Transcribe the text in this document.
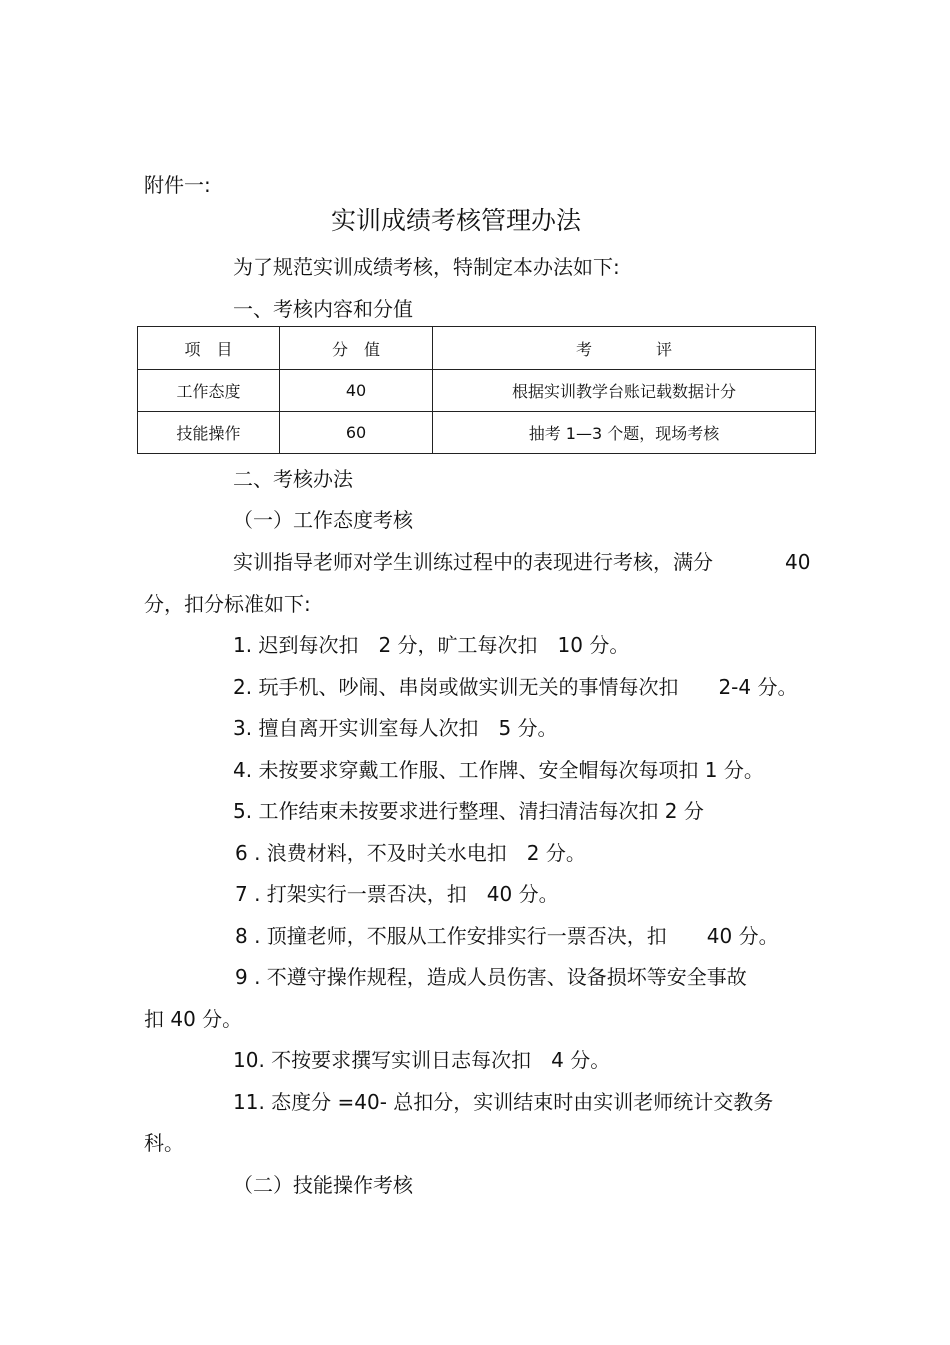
附件一:
实训成绩考核管理办法
为了规范实训成绩考核，特制定本办法如下:
一、考核内容和分值
项　目	分　值	考　　　　评
工作态度	40	根据实训教学台账记载数据计分
技能操作	60	抽考 1—3 个题，现场考核
二、考核办法
（一）工作态度考核
实训指导老师对学生训练过程中的表现进行考核，满分	40
分，扣分标准如下:
1. 迟到每次扣　2 分，旷工每次扣　10 分。
2. 玩手机、吵闹、串岗或做实训无关的事情每次扣　　2-4 分。
3. 擅自离开实训室每人次扣　5 分。
4. 未按要求穿戴工作服、工作牌、安全帽每次每项扣 1 分。
5. 工作结束未按要求进行整理、清扫清洁每次扣 2 分
6 . 浪费材料，不及时关水电扣　2 分。
7 . 打架实行一票否决，扣　40 分。
8 . 顶撞老师，不服从工作安排实行一票否决，扣　　40 分。
9 . 不遵守操作规程，造成人员伤害、设备损坏等安全事故
扣 40 分。
10. 不按要求撰写实训日志每次扣　4 分。
11. 态度分 =40- 总扣分，实训结束时由实训老师统计交教务
科。
（二）技能操作考核
